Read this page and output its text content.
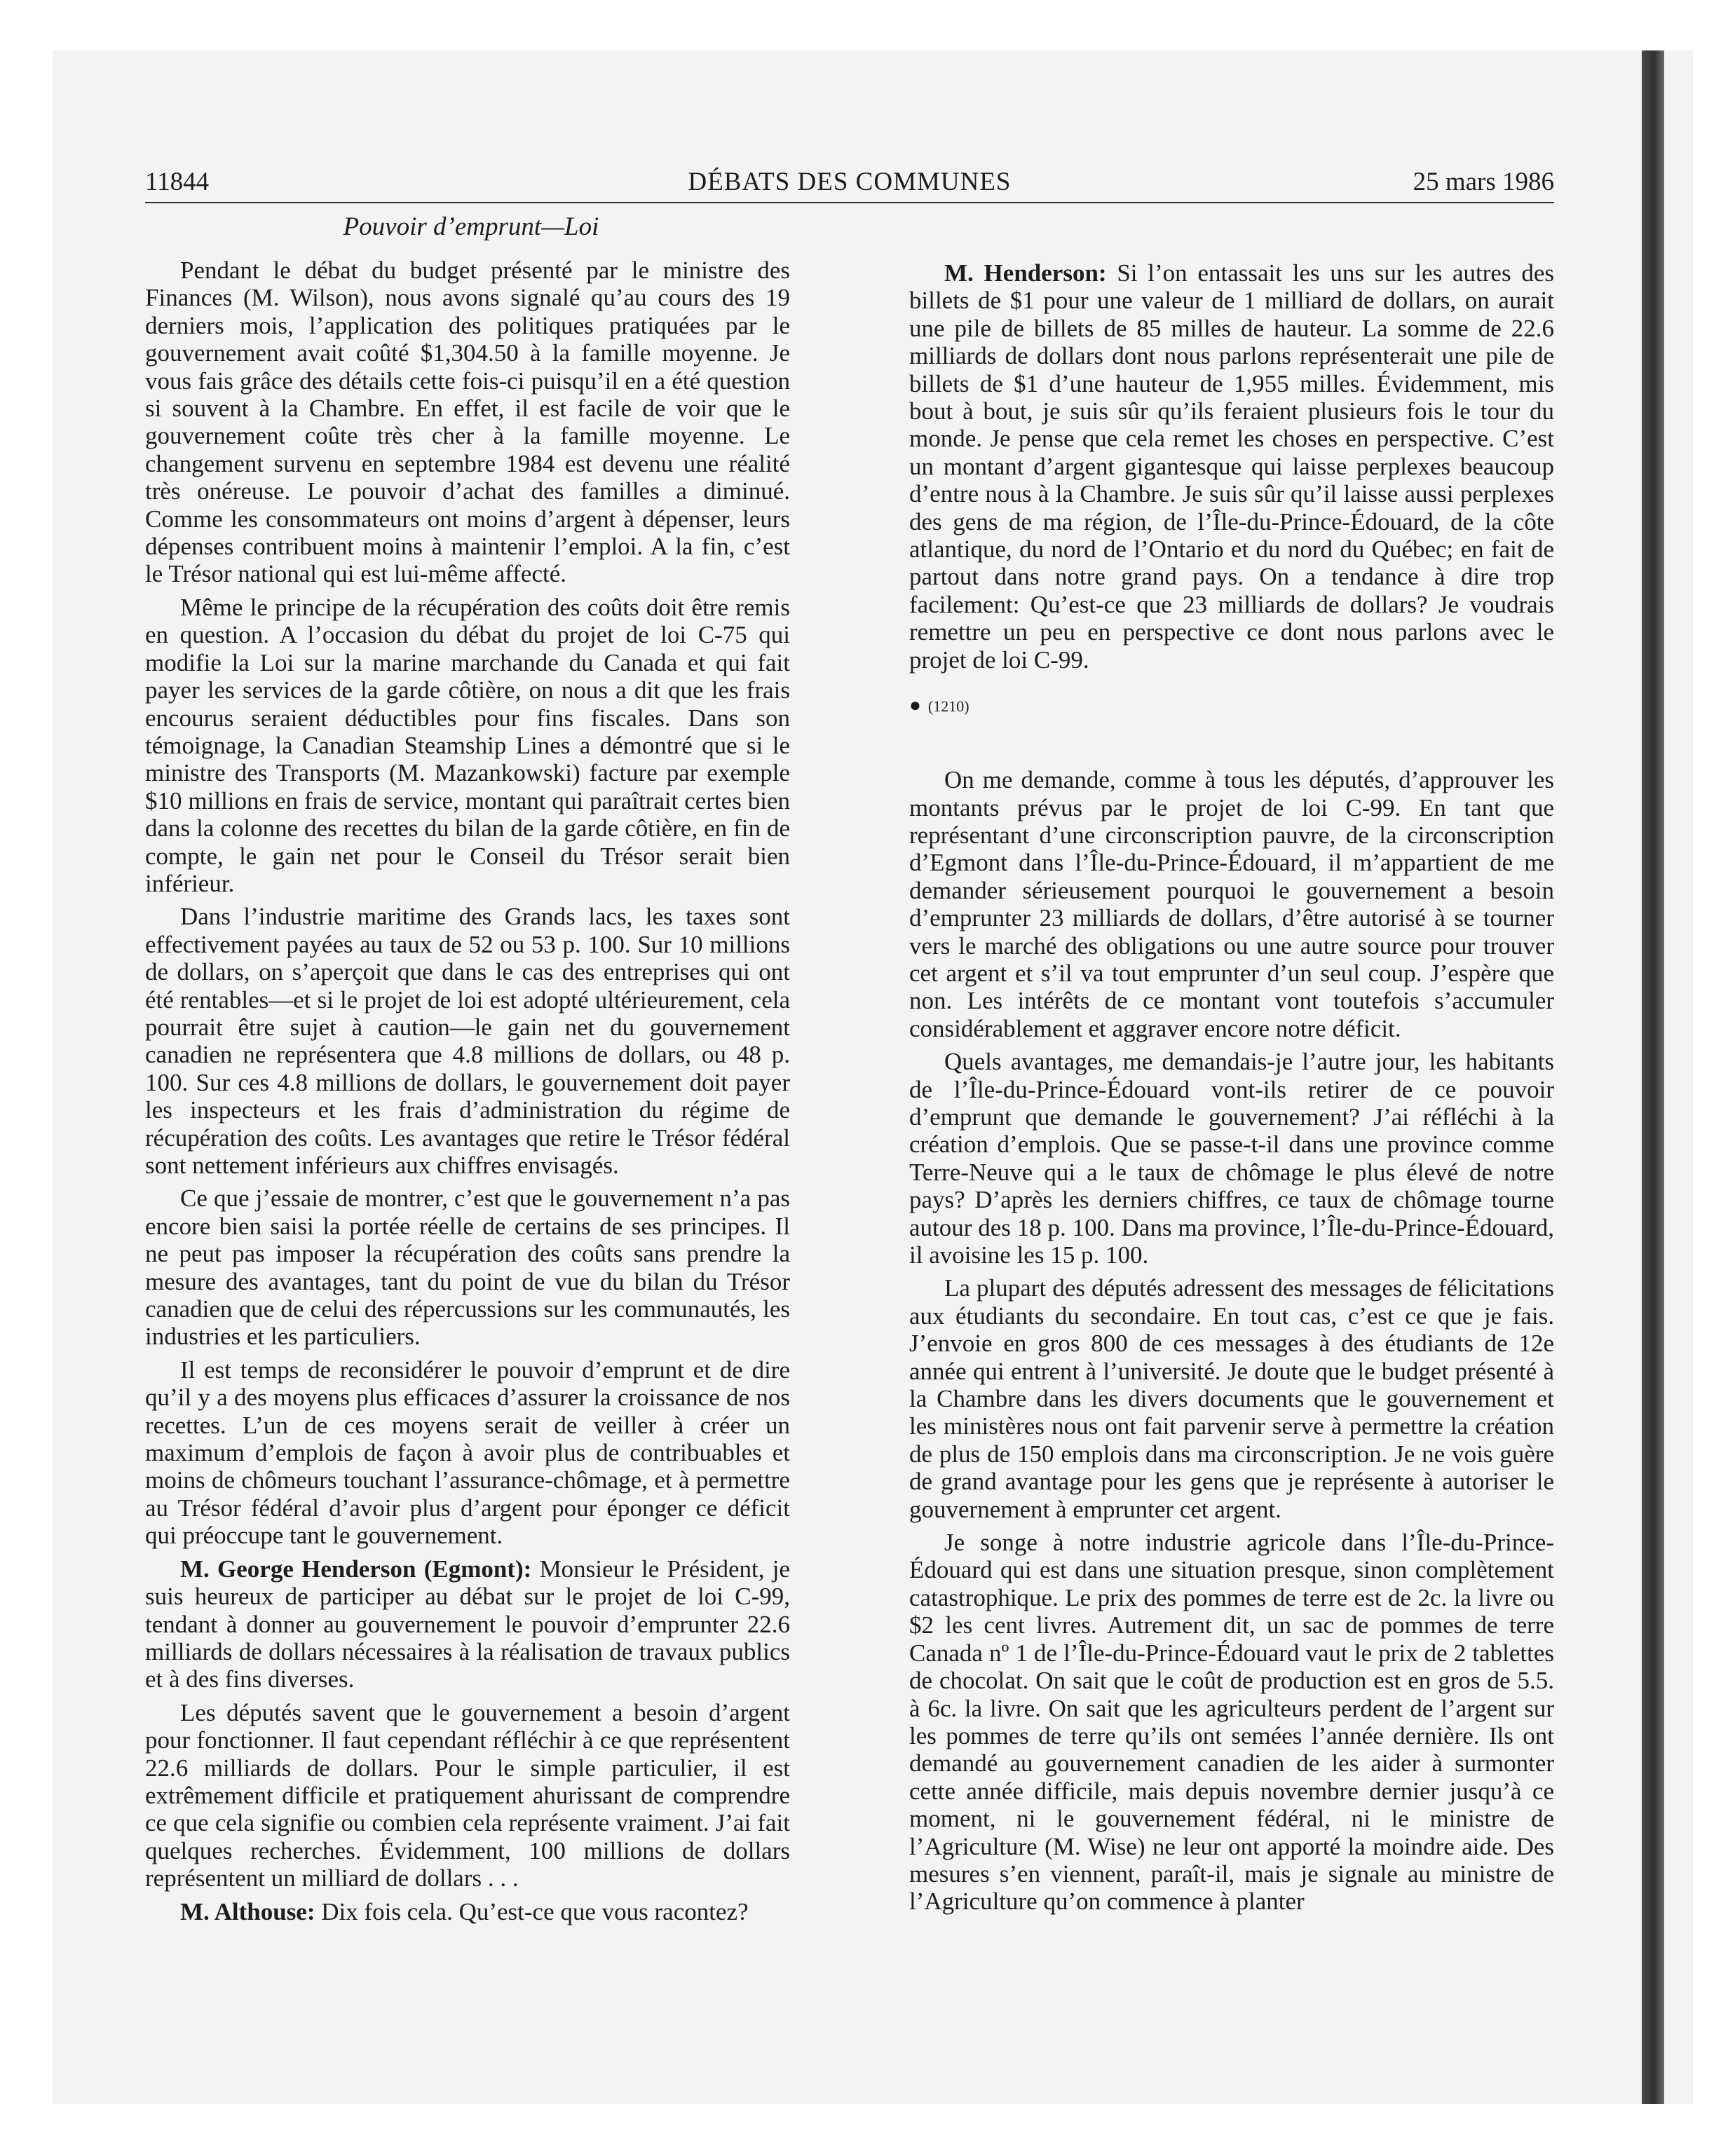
11844	DÉBATS DES COMMUNES	25 mars 1986
Pouvoir d’emprunt—Loi

Pendant le débat du budget présenté par le ministre des Finances (M. Wilson), nous avons signalé qu’au cours des 19 derniers mois, l’application des politiques pratiquées par le gouvernement avait coûté $1,304.50 à la famille moyenne. Je vous fais grâce des détails cette fois-ci puisqu’il en a été question si souvent à la Chambre. En effet, il est facile de voir que le gouvernement coûte très cher à la famille moyenne. Le changement survenu en septembre 1984 est devenu une réalité très onéreuse. Le pouvoir d’achat des familles a diminué. Comme les consommateurs ont moins d’argent à dépenser, leurs dépenses contribuent moins à maintenir l’emploi. A la fin, c’est le Trésor national qui est lui-même affecté.

Même le principe de la récupération des coûts doit être remis en question. A l’occasion du débat du projet de loi C-75 qui modifie la Loi sur la marine marchande du Canada et qui fait payer les services de la garde côtière, on nous a dit que les frais encourus seraient déductibles pour fins fiscales. Dans son témoignage, la Canadian Steamship Lines a démontré que si le ministre des Transports (M. Mazankowski) facture par exemple $10 millions en frais de service, montant qui paraîtrait certes bien dans la colonne des recettes du bilan de la garde côtière, en fin de compte, le gain net pour le Conseil du Trésor serait bien inférieur.

Dans l’industrie maritime des Grands lacs, les taxes sont effectivement payées au taux de 52 ou 53 p. 100. Sur 10 millions de dollars, on s’aperçoit que dans le cas des entreprises qui ont été rentables—et si le projet de loi est adopté ultérieurement, cela pourrait être sujet à caution—le gain net du gouvernement canadien ne représentera que 4.8 millions de dollars, ou 48 p. 100. Sur ces 4.8 millions de dollars, le gouvernement doit payer les inspecteurs et les frais d’administration du régime de récupération des coûts. Les avantages que retire le Trésor fédéral sont nettement inférieurs aux chiffres envisagés.

Ce que j’essaie de montrer, c’est que le gouvernement n’a pas encore bien saisi la portée réelle de certains de ses principes. Il ne peut pas imposer la récupération des coûts sans prendre la mesure des avantages, tant du point de vue du bilan du Trésor canadien que de celui des répercussions sur les communautés, les industries et les particuliers.

Il est temps de reconsidérer le pouvoir d’emprunt et de dire qu’il y a des moyens plus efficaces d’assurer la croissance de nos recettes. L’un de ces moyens serait de veiller à créer un maximum d’emplois de façon à avoir plus de contribuables et moins de chômeurs touchant l’assurance-chômage, et à permettre au Trésor fédéral d’avoir plus d’argent pour éponger ce déficit qui préoccupe tant le gouvernement.

M. George Henderson (Egmont): Monsieur le Président, je suis heureux de participer au débat sur le projet de loi C-99, tendant à donner au gouvernement le pouvoir d’emprunter 22.6 milliards de dollars nécessaires à la réalisation de travaux publics et à des fins diverses.

Les députés savent que le gouvernement a besoin d’argent pour fonctionner. Il faut cependant réfléchir à ce que représentent 22.6 milliards de dollars. Pour le simple particulier, il est extrêmement difficile et pratiquement ahurissant de comprendre ce que cela signifie ou combien cela représente vraiment. J’ai fait quelques recherches. Évidemment, 100 millions de dollars représentent un milliard de dollars . . .

M. Althouse: Dix fois cela. Qu’est-ce que vous racontez?

M. Henderson: Si l’on entassait les uns sur les autres des billets de $1 pour une valeur de 1 milliard de dollars, on aurait une pile de billets de 85 milles de hauteur. La somme de 22.6 milliards de dollars dont nous parlons représenterait une pile de billets de $1 d’une hauteur de 1,955 milles. Évidemment, mis bout à bout, je suis sûr qu’ils feraient plusieurs fois le tour du monde. Je pense que cela remet les choses en perspective. C’est un montant d’argent gigantesque qui laisse perplexes beaucoup d’entre nous à la Chambre. Je suis sûr qu’il laisse aussi perplexes des gens de ma région, de l’Île-du-Prince-Édouard, de la côte atlantique, du nord de l’Ontario et du nord du Québec; en fait de partout dans notre grand pays. On a tendance à dire trop facilement: Qu’est-ce que 23 milliards de dollars? Je voudrais remettre un peu en perspective ce dont nous parlons avec le projet de loi C-99.

● (1210)

On me demande, comme à tous les députés, d’approuver les montants prévus par le projet de loi C-99. En tant que représentant d’une circonscription pauvre, de la circonscription d’Egmont dans l’Île-du-Prince-Édouard, il m’appartient de me demander sérieusement pourquoi le gouvernement a besoin d’emprunter 23 milliards de dollars, d’être autorisé à se tourner vers le marché des obligations ou une autre source pour trouver cet argent et s’il va tout emprunter d’un seul coup. J’espère que non. Les intérêts de ce montant vont toutefois s’accumuler considérablement et aggraver encore notre déficit.

Quels avantages, me demandais-je l’autre jour, les habitants de l’Île-du-Prince-Édouard vont-ils retirer de ce pouvoir d’emprunt que demande le gouvernement? J’ai réfléchi à la création d’emplois. Que se passe-t-il dans une province comme Terre-Neuve qui a le taux de chômage le plus élevé de notre pays? D’après les derniers chiffres, ce taux de chômage tourne autour des 18 p. 100. Dans ma province, l’Île-du-Prince-Édouard, il avoisine les 15 p. 100.

La plupart des députés adressent des messages de félicitations aux étudiants du secondaire. En tout cas, c’est ce que je fais. J’envoie en gros 800 de ces messages à des étudiants de 12e année qui entrent à l’université. Je doute que le budget présenté à la Chambre dans les divers documents que le gouvernement et les ministères nous ont fait parvenir serve à permettre la création de plus de 150 emplois dans ma circonscription. Je ne vois guère de grand avantage pour les gens que je représente à autoriser le gouvernement à emprunter cet argent.

Je songe à notre industrie agricole dans l’Île-du-Prince-Édouard qui est dans une situation presque, sinon complètement catastrophique. Le prix des pommes de terre est de 2c. la livre ou $2 les cent livres. Autrement dit, un sac de pommes de terre Canada nº 1 de l’Île-du-Prince-Édouard vaut le prix de 2 tablettes de chocolat. On sait que le coût de production est en gros de 5.5. à 6c. la livre. On sait que les agriculteurs perdent de l’argent sur les pommes de terre qu’ils ont semées l’année dernière. Ils ont demandé au gouvernement canadien de les aider à surmonter cette année difficile, mais depuis novembre dernier jusqu’à ce moment, ni le gouvernement fédéral, ni le ministre de l’Agriculture (M. Wise) ne leur ont apporté la moindre aide. Des mesures s’en viennent, paraît-il, mais je signale au ministre de l’Agriculture qu’on commence à planter
